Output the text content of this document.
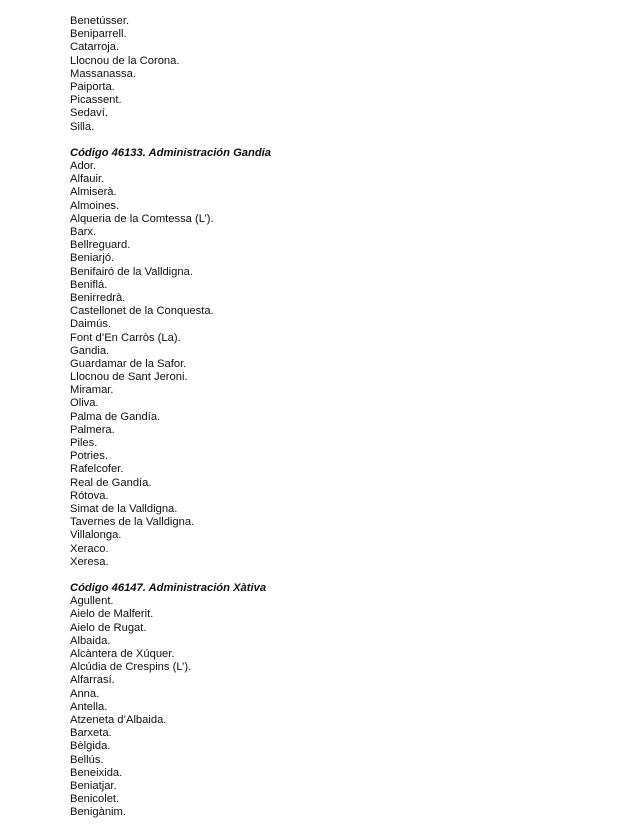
Benetússer.
Beniparrell.
Catarroja.
Llocnou de la Corona.
Massanassa.
Paiporta.
Picassent.
Sedaví.
Silla.
Código 46133. Administración Gandia
Ador.
Alfauir.
Almiserà.
Almoines.
Alqueria de la Comtessa (L’).
Barx.
Bellreguard.
Beniarjó.
Benifairó de la Valldigna.
Beniflá.
Benirredrà.
Castellonet de la Conquesta.
Daimús.
Font d’En Carròs (La).
Gandia.
Guardamar de la Safor.
Llocnou de Sant Jeroni.
Miramar.
Oliva.
Palma de Gandía.
Palmera.
Piles.
Potries.
Rafelcofer.
Real de Gandía.
Rótova.
Simat de la Valldigna.
Tavernes de la Valldigna.
Villalonga.
Xeraco.
Xeresa.
Código 46147. Administración Xàtiva
Agullent.
Aielo de Malferit.
Aielo de Rugat.
Albaida.
Alcàntera de Xúquer.
Alcúdia de Crespins (L’).
Alfarrasí.
Anna.
Antella.
Atzeneta d’Albaida.
Barxeta.
Bèlgida.
Bellús.
Beneixida.
Beniatjar.
Benicolet.
Benigànim.
